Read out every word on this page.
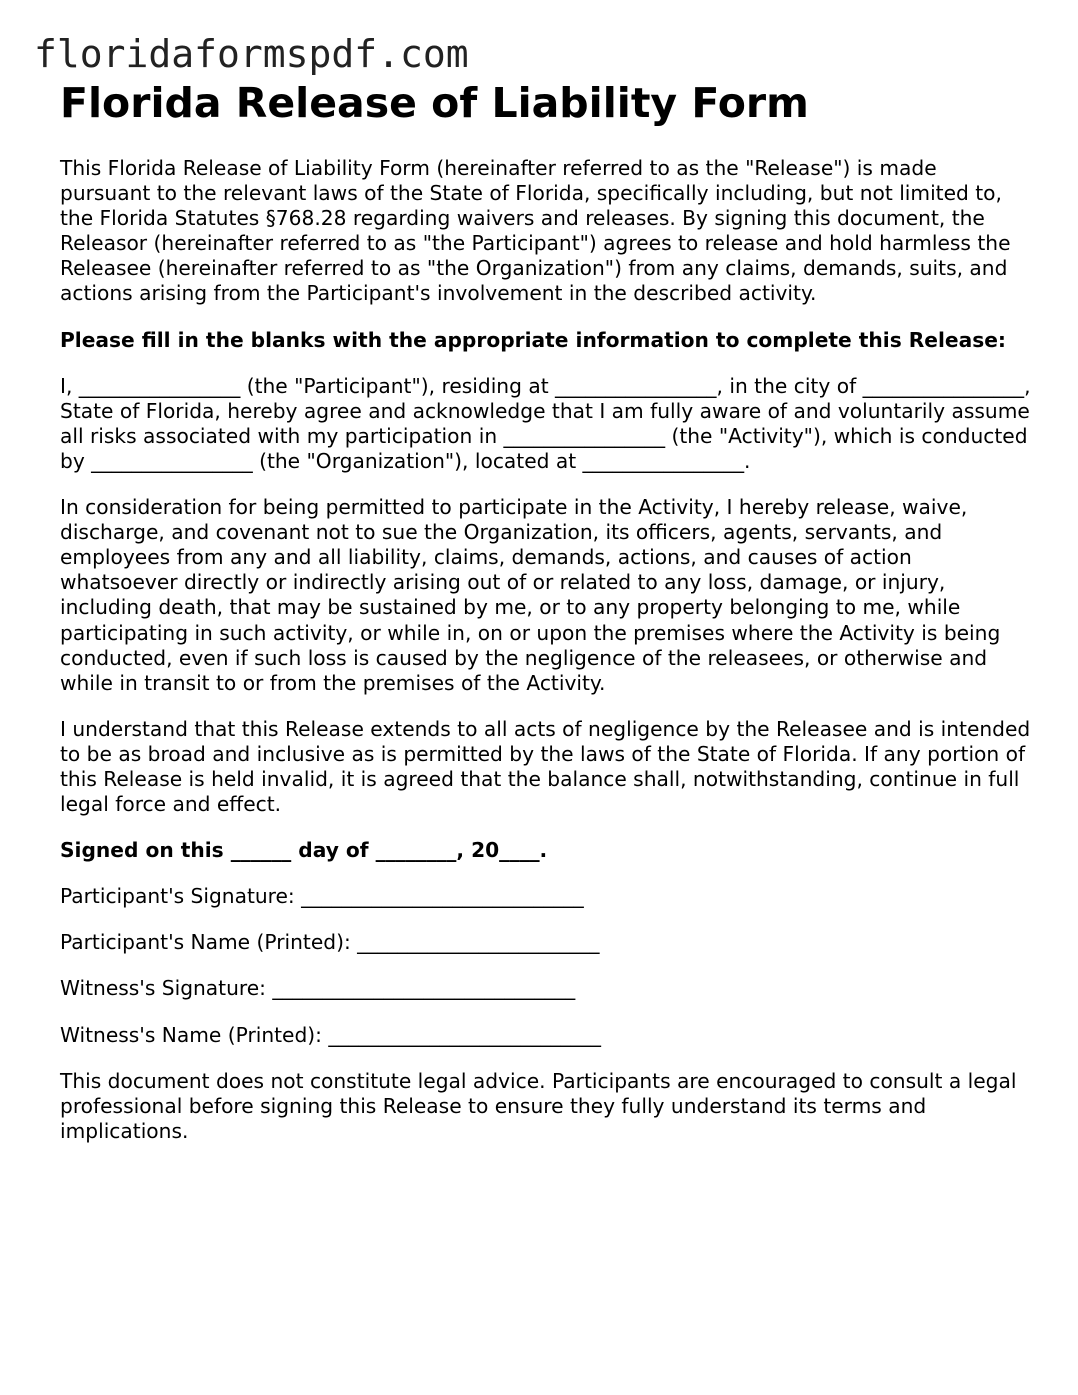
floridaformspdf.com
Florida Release of Liability Form

This Florida Release of Liability Form (hereinafter referred to as the "Release") is made pursuant to the relevant laws of the State of Florida, specifically including, but not limited to, the Florida Statutes §768.28 regarding waivers and releases. By signing this document, the Releasor (hereinafter referred to as "the Participant") agrees to release and hold harmless the Releasee (hereinafter referred to as "the Organization") from any claims, demands, suits, and actions arising from the Participant's involvement in the described activity.

Please fill in the blanks with the appropriate information to complete this Release:

I, ________________ (the "Participant"), residing at ________________, in the city of ________________, State of Florida, hereby agree and acknowledge that I am fully aware of and voluntarily assume all risks associated with my participation in ________________ (the "Activity"), which is conducted by ________________ (the "Organization"), located at ________________.

In consideration for being permitted to participate in the Activity, I hereby release, waive, discharge, and covenant not to sue the Organization, its officers, agents, servants, and employees from any and all liability, claims, demands, actions, and causes of action whatsoever directly or indirectly arising out of or related to any loss, damage, or injury, including death, that may be sustained by me, or to any property belonging to me, while participating in such activity, or while in, on or upon the premises where the Activity is being conducted, even if such loss is caused by the negligence of the releasees, or otherwise and while in transit to or from the premises of the Activity.

I understand that this Release extends to all acts of negligence by the Releasee and is intended to be as broad and inclusive as is permitted by the laws of the State of Florida. If any portion of this Release is held invalid, it is agreed that the balance shall, notwithstanding, continue in full legal force and effect.

Signed on this ______ day of ________, 20____.

Participant's Signature: ____________________________

Participant's Name (Printed): ________________________

Witness's Signature: ______________________________

Witness's Name (Printed): ___________________________

This document does not constitute legal advice. Participants are encouraged to consult a legal professional before signing this Release to ensure they fully understand its terms and implications.
